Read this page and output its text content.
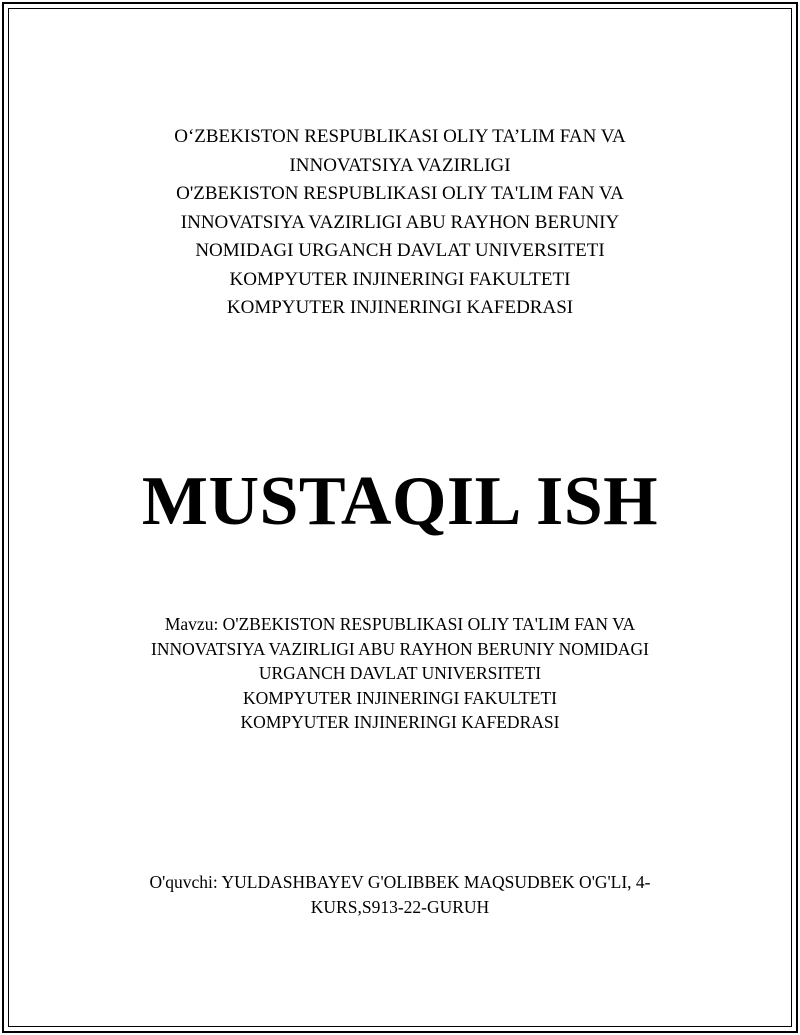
O‘ZBEKISTON RESPUBLIKASI OLIY TA’LIM FAN VA
INNOVATSIYA VAZIRLIGI
O'ZBEKISTON RESPUBLIKASI OLIY TA'LIM FAN VA
INNOVATSIYA VAZIRLIGI ABU RAYHON BERUNIY
NOMIDAGI URGANCH DAVLAT UNIVERSITETI
KOMPYUTER INJINERINGI FAKULTETI
KOMPYUTER INJINERINGI KAFEDRASI
MUSTAQIL ISH
Mavzu: O'ZBEKISTON RESPUBLIKASI OLIY TA'LIM FAN VA
INNOVATSIYA VAZIRLIGI ABU RAYHON BERUNIY NOMIDAGI
URGANCH DAVLAT UNIVERSITETI
KOMPYUTER INJINERINGI FAKULTETI
KOMPYUTER INJINERINGI KAFEDRASI
O'quvchi: YULDASHBAYEV G'OLIBBEK MAQSUDBEK O'G'LI, 4-
KURS,S913-22-GURUH
